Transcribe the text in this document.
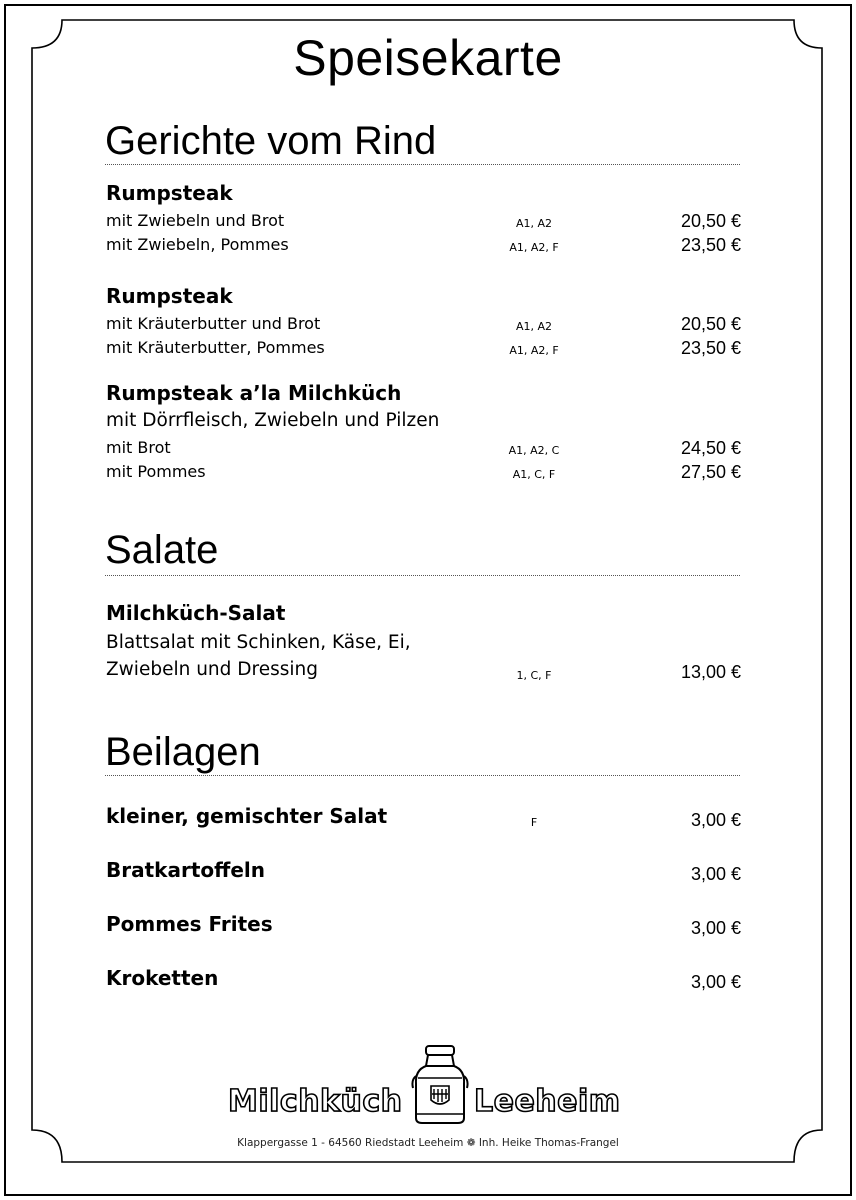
Speisekarte
Gerichte vom Rind
Rumpsteak
mit Zwiebeln und Brot	A1, A2	20,50 €
mit Zwiebeln, Pommes	A1, A2, F	23,50 €
Rumpsteak
mit Kräuterbutter und Brot	A1, A2	20,50 €
mit Kräuterbutter, Pommes	A1, A2, F	23,50 €
Rumpsteak a’la Milchküch
mit Dörrfleisch, Zwiebeln und Pilzen
mit Brot	A1, A2, C	24,50 €
mit Pommes	A1, C, F	27,50 €
Salate
Milchküch-Salat
Blattsalat mit Schinken, Käse, Ei,
Zwiebeln und Dressing	1, C, F	13,00 €
Beilagen
kleiner, gemischter Salat	F	3,00 €
Bratkartoffeln	3,00 €
Pommes Frites	3,00 €
Kroketten	3,00 €
Milchküch Leeheim
Klappergasse 1 - 64560 Riedstadt Leeheim ❁ Inh. Heike Thomas-Frangel
